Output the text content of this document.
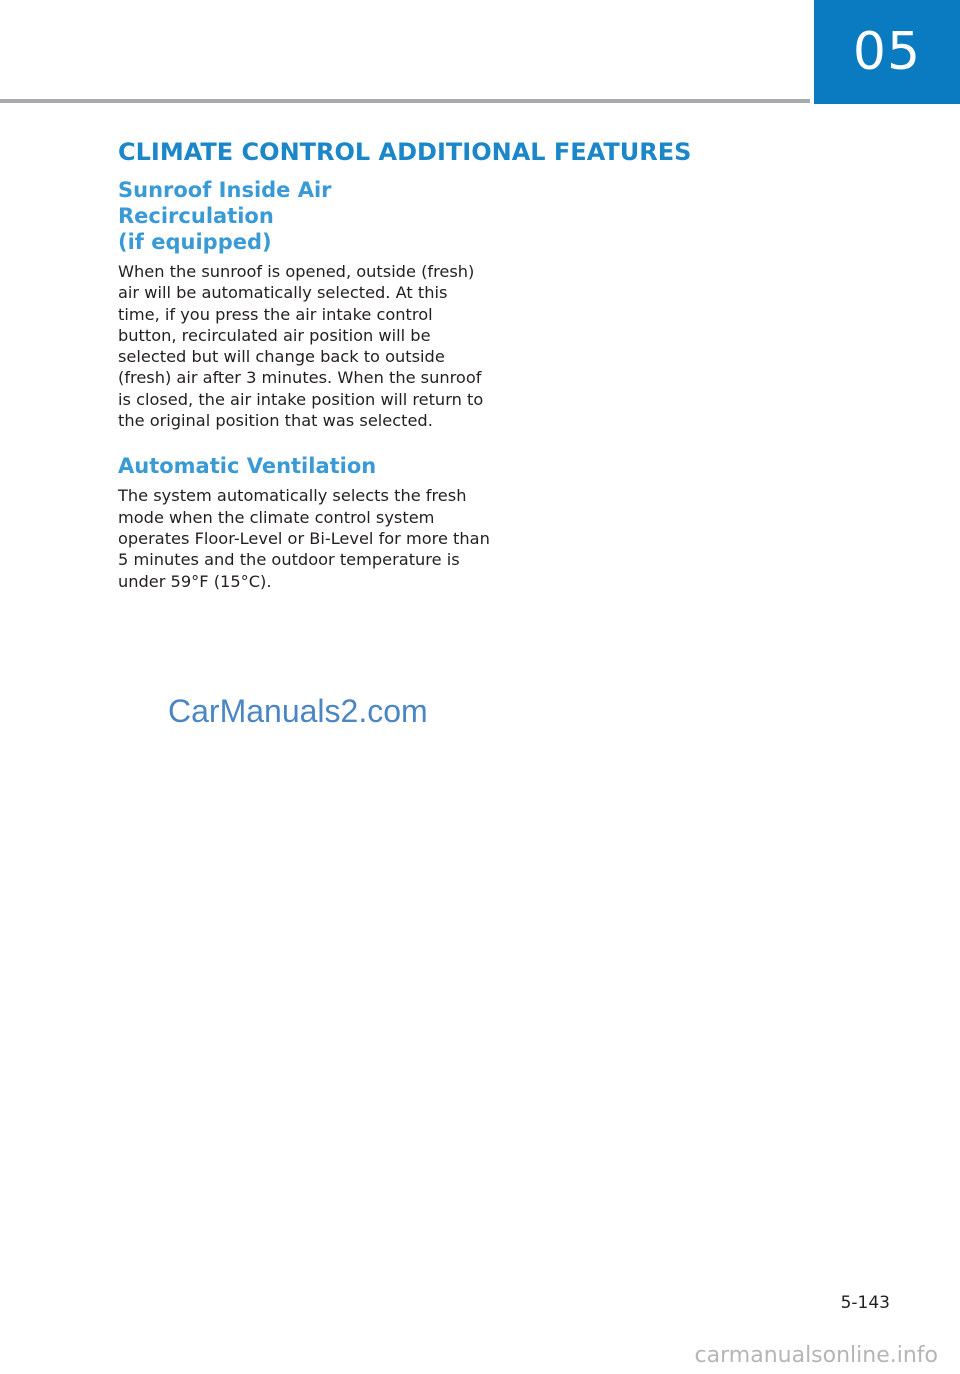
05
CLIMATE CONTROL ADDITIONAL FEATURES
Sunroof Inside Air Recirculation
(if equipped)

When the sunroof is opened, outside (fresh) air will be automatically selected. At this time, if you press the air intake control button, recirculated air position will be selected but will change back to outside (fresh) air after 3 minutes. When the sunroof is closed, the air intake position will return to the original position that was selected.

Automatic Ventilation

The system automatically selects the fresh mode when the climate control system operates Floor-Level or Bi-Level for more than 5 minutes and the outdoor temperature is under 59°F (15°C).

CarManuals2.com
5-143
carmanualsonline.info
